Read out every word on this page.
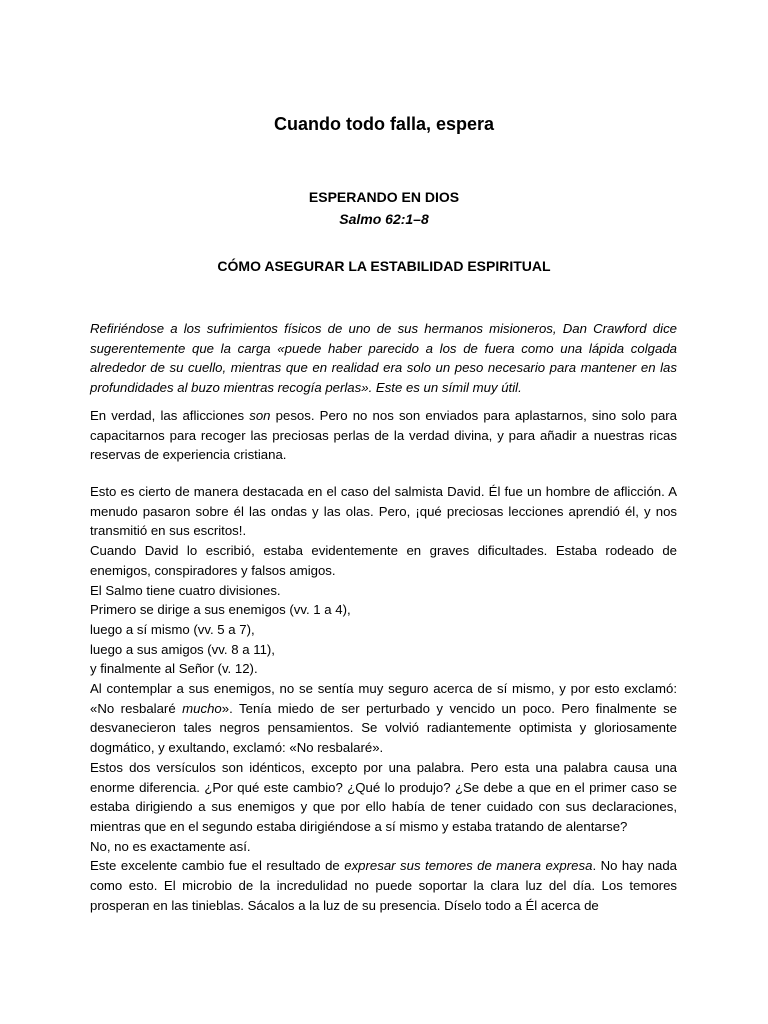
Cuando todo falla, espera
ESPERANDO EN DIOS
Salmo 62:1–8
CÓMO ASEGURAR LA ESTABILIDAD ESPIRITUAL

Refiriéndose a los sufrimientos físicos de uno de sus hermanos misioneros, Dan Crawford dice sugerentemente que la carga «puede haber parecido a los de fuera como una lápida colgada alrededor de su cuello, mientras que en realidad era solo un peso necesario para mantener en las profundidades al buzo mientras recogía perlas». Este es un símil muy útil.

En verdad, las aflicciones son pesos. Pero no nos son enviados para aplastarnos, sino solo para capacitarnos para recoger las preciosas perlas de la verdad divina, y para añadir a nuestras ricas reservas de experiencia cristiana.

Esto es cierto de manera destacada en el caso del salmista David. Él fue un hombre de aflicción. A menudo pasaron sobre él las ondas y las olas. Pero, ¡qué preciosas lecciones aprendió él, y nos transmitió en sus escritos!.

Cuando David lo escribió, estaba evidentemente en graves dificultades. Estaba rodeado de enemigos, conspiradores y falsos amigos.

El Salmo tiene cuatro divisiones.

Primero se dirige a sus enemigos (vv. 1 a 4),

luego a sí mismo (vv. 5 a 7),

luego a sus amigos (vv. 8 a 11),

y finalmente al Señor (v. 12).

Al contemplar a sus enemigos, no se sentía muy seguro acerca de sí mismo, y por esto exclamó: «No resbalaré mucho». Tenía miedo de ser perturbado y vencido un poco. Pero finalmente se desvanecieron tales negros pensamientos. Se volvió radiantemente optimista y gloriosamente dogmático, y exultando, exclamó: «No resbalaré».

Estos dos versículos son idénticos, excepto por una palabra. Pero esta una palabra causa una enorme diferencia. ¿Por qué este cambio? ¿Qué lo produjo? ¿Se debe a que en el primer caso se estaba dirigiendo a sus enemigos y que por ello había de tener cuidado con sus declaraciones, mientras que en el segundo estaba dirigiéndose a sí mismo y estaba tratando de alentarse?

No, no es exactamente así.

Este excelente cambio fue el resultado de expresar sus temores de manera expresa. No hay nada como esto. El microbio de la incredulidad no puede soportar la clara luz del día. Los temores prosperan en las tinieblas. Sácalos a la luz de su presencia. Díselo todo a Él acerca de
